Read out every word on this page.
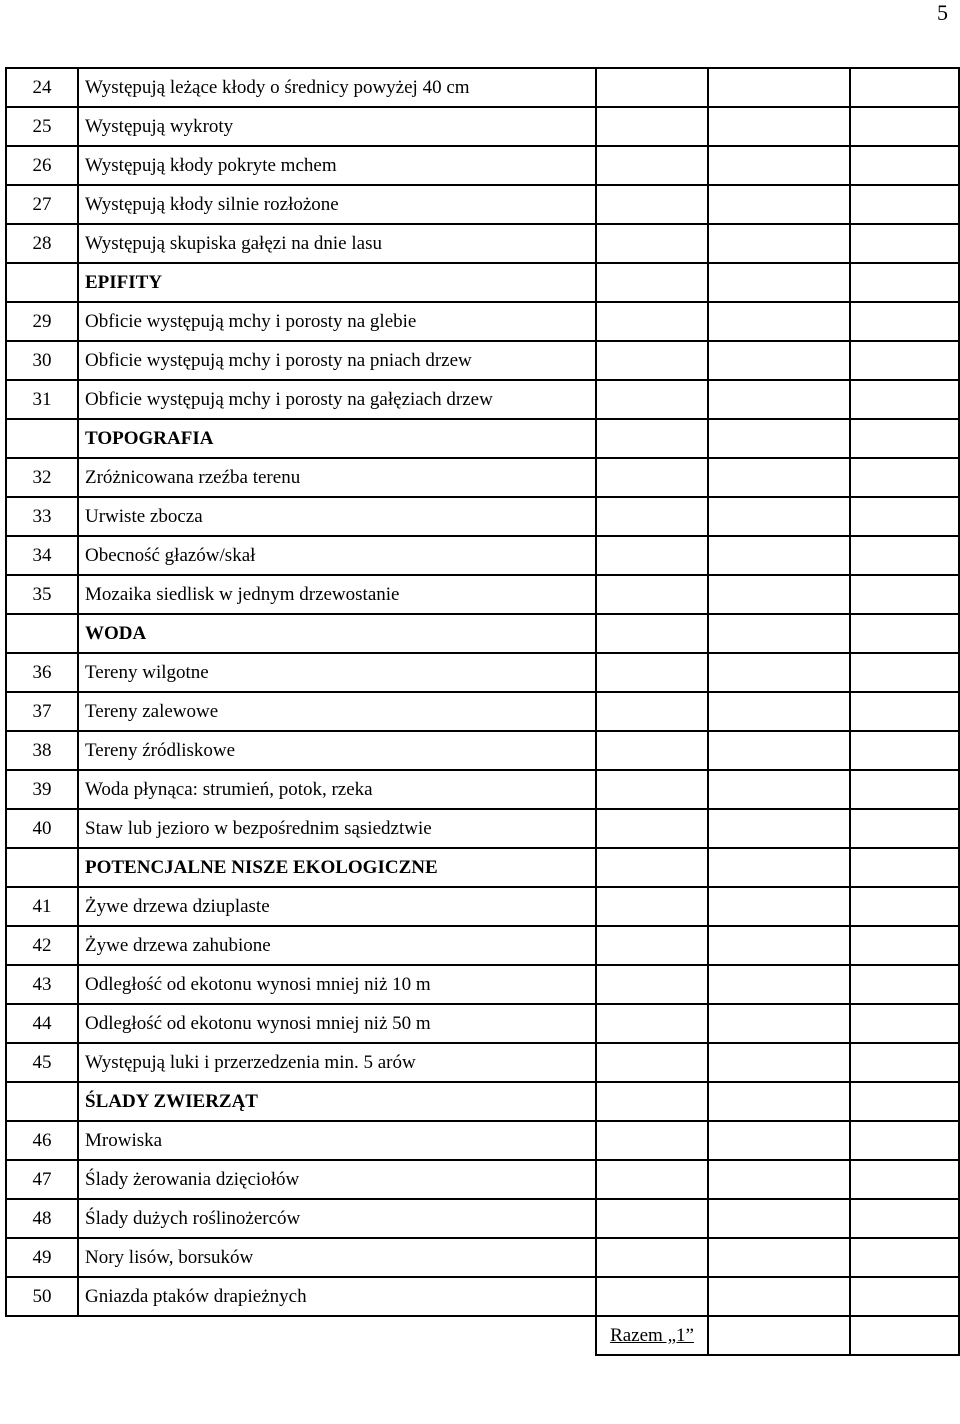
5
24	Występują leżące kłody o średnicy powyżej 40 cm			
25	Występują wykroty			
26	Występują kłody pokryte mchem			
27	Występują kłody silnie rozłożone			
28	Występują skupiska gałęzi na dnie lasu			
	EPIFITY			
29	Obficie występują mchy i porosty na glebie			
30	Obficie występują mchy i porosty na pniach drzew			
31	Obficie występują mchy i porosty na gałęziach drzew			
	TOPOGRAFIA			
32	Zróżnicowana rzeźba terenu			
33	Urwiste zbocza			
34	Obecność głazów/skał			
35	Mozaika siedlisk w jednym drzewostanie			
	WODA			
36	Tereny wilgotne			
37	Tereny zalewowe			
38	Tereny źródliskowe			
39	Woda płynąca: strumień, potok, rzeka			
40	Staw lub jezioro w bezpośrednim sąsiedztwie			
	POTENCJALNE NISZE EKOLOGICZNE			
41	Żywe drzewa dziuplaste			
42	Żywe drzewa zahubione			
43	Odległość od ekotonu wynosi mniej niż 10 m			
44	Odległość od ekotonu wynosi mniej niż 50 m			
45	Występują luki i przerzedzenia min. 5 arów			
	ŚLADY ZWIERZĄT			
46	Mrowiska			
47	Ślady żerowania dzięciołów			
48	Ślady dużych roślinożerców			
49	Nory lisów, borsuków			
50	Gniazda ptaków drapieżnych			
		Razem „1”		
